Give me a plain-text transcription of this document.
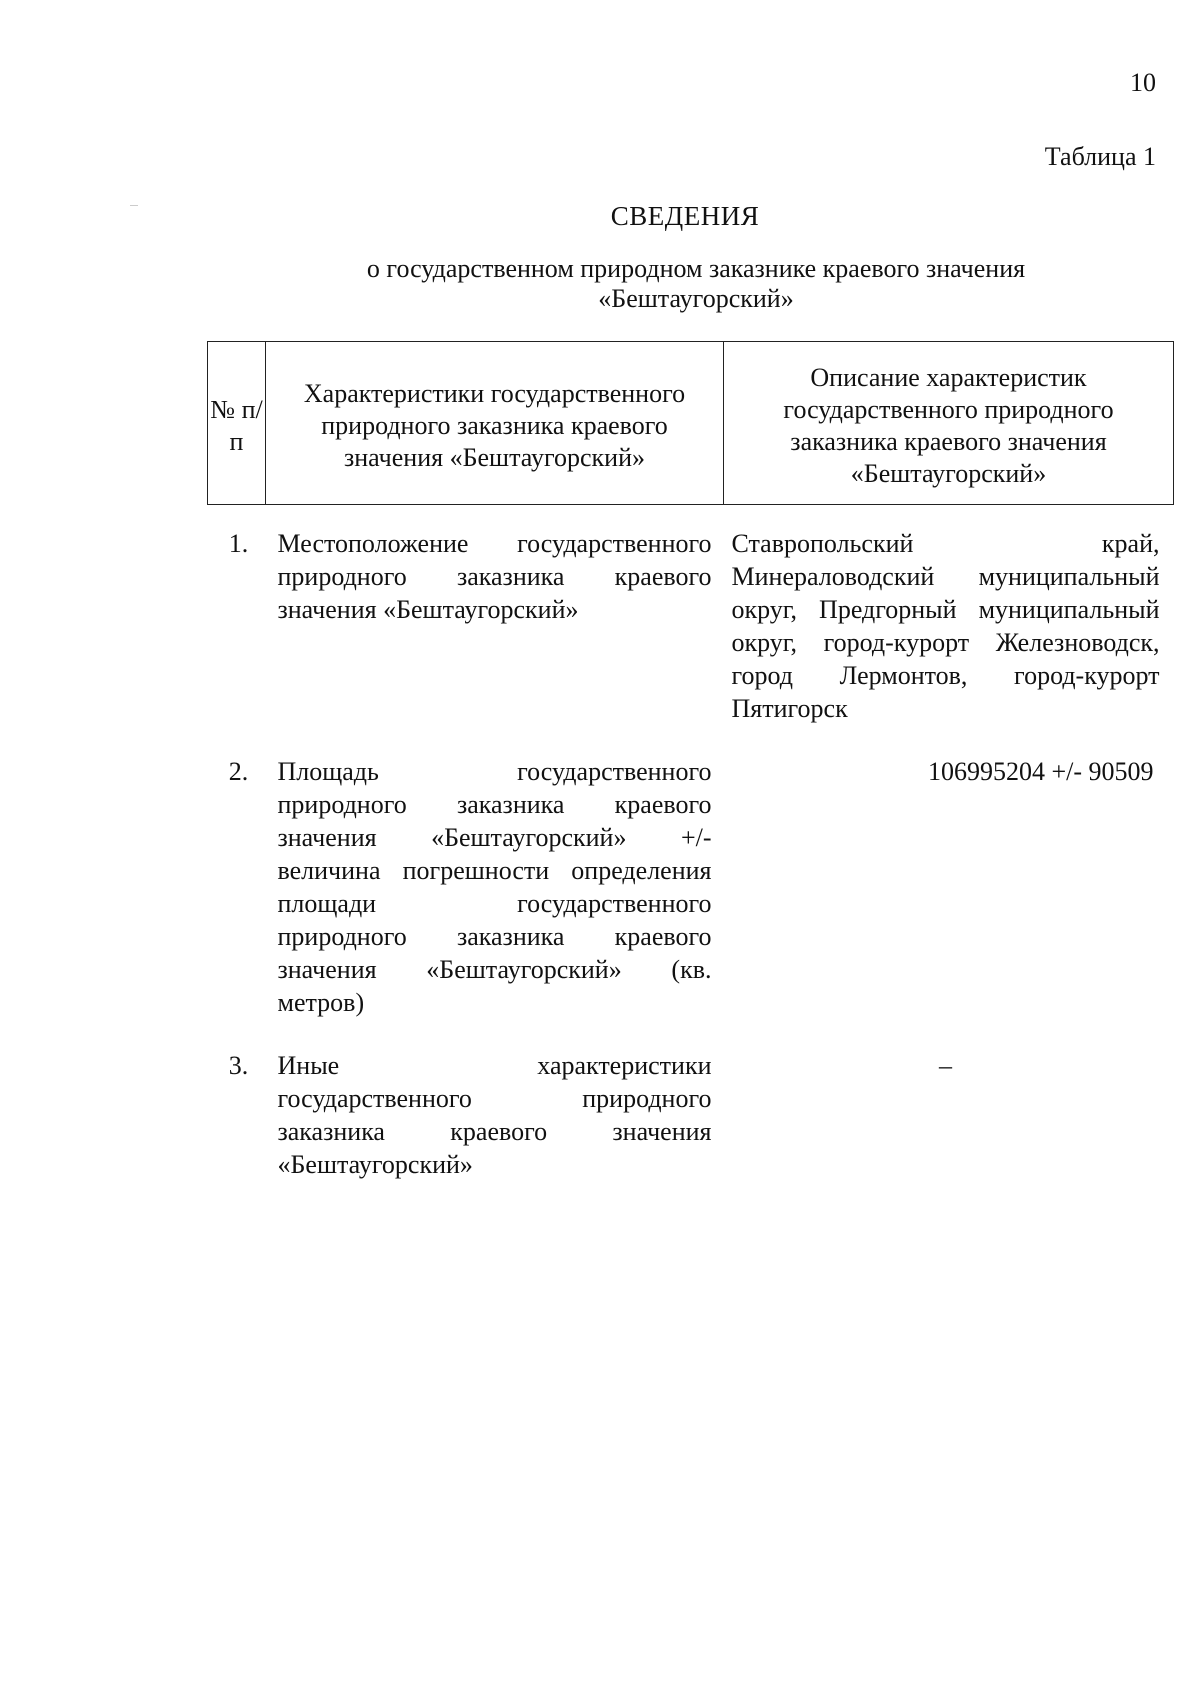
10
Таблица 1
СВЕДЕНИЯ
о государственном природном заказнике краевого значения «Бештаугорский»
№ п/п	Характеристики государственного природного заказника краевого значения «Бештаугорский»	Описание характеристик государственного природного заказника краевого значения «Бештаугорский»
1.	Местоположение государственного природного заказника краевого значения «Бештаугорский»	Ставропольский край, Минераловодский муниципальный округ, Предгорный муниципальный округ, город-курорт Железноводск, город Лермонтов, город-курорт Пятигорск
2.	Площадь государственного природного заказника краевого значения «Бештаугорский» +/- величина погрешности определения площади государственного природного заказника краевого значения «Бештаугорский» (кв. метров)	106995204 +/- 90509
3.	Иные характеристики государственного природного заказника краевого значения «Бештаугорский»	–
